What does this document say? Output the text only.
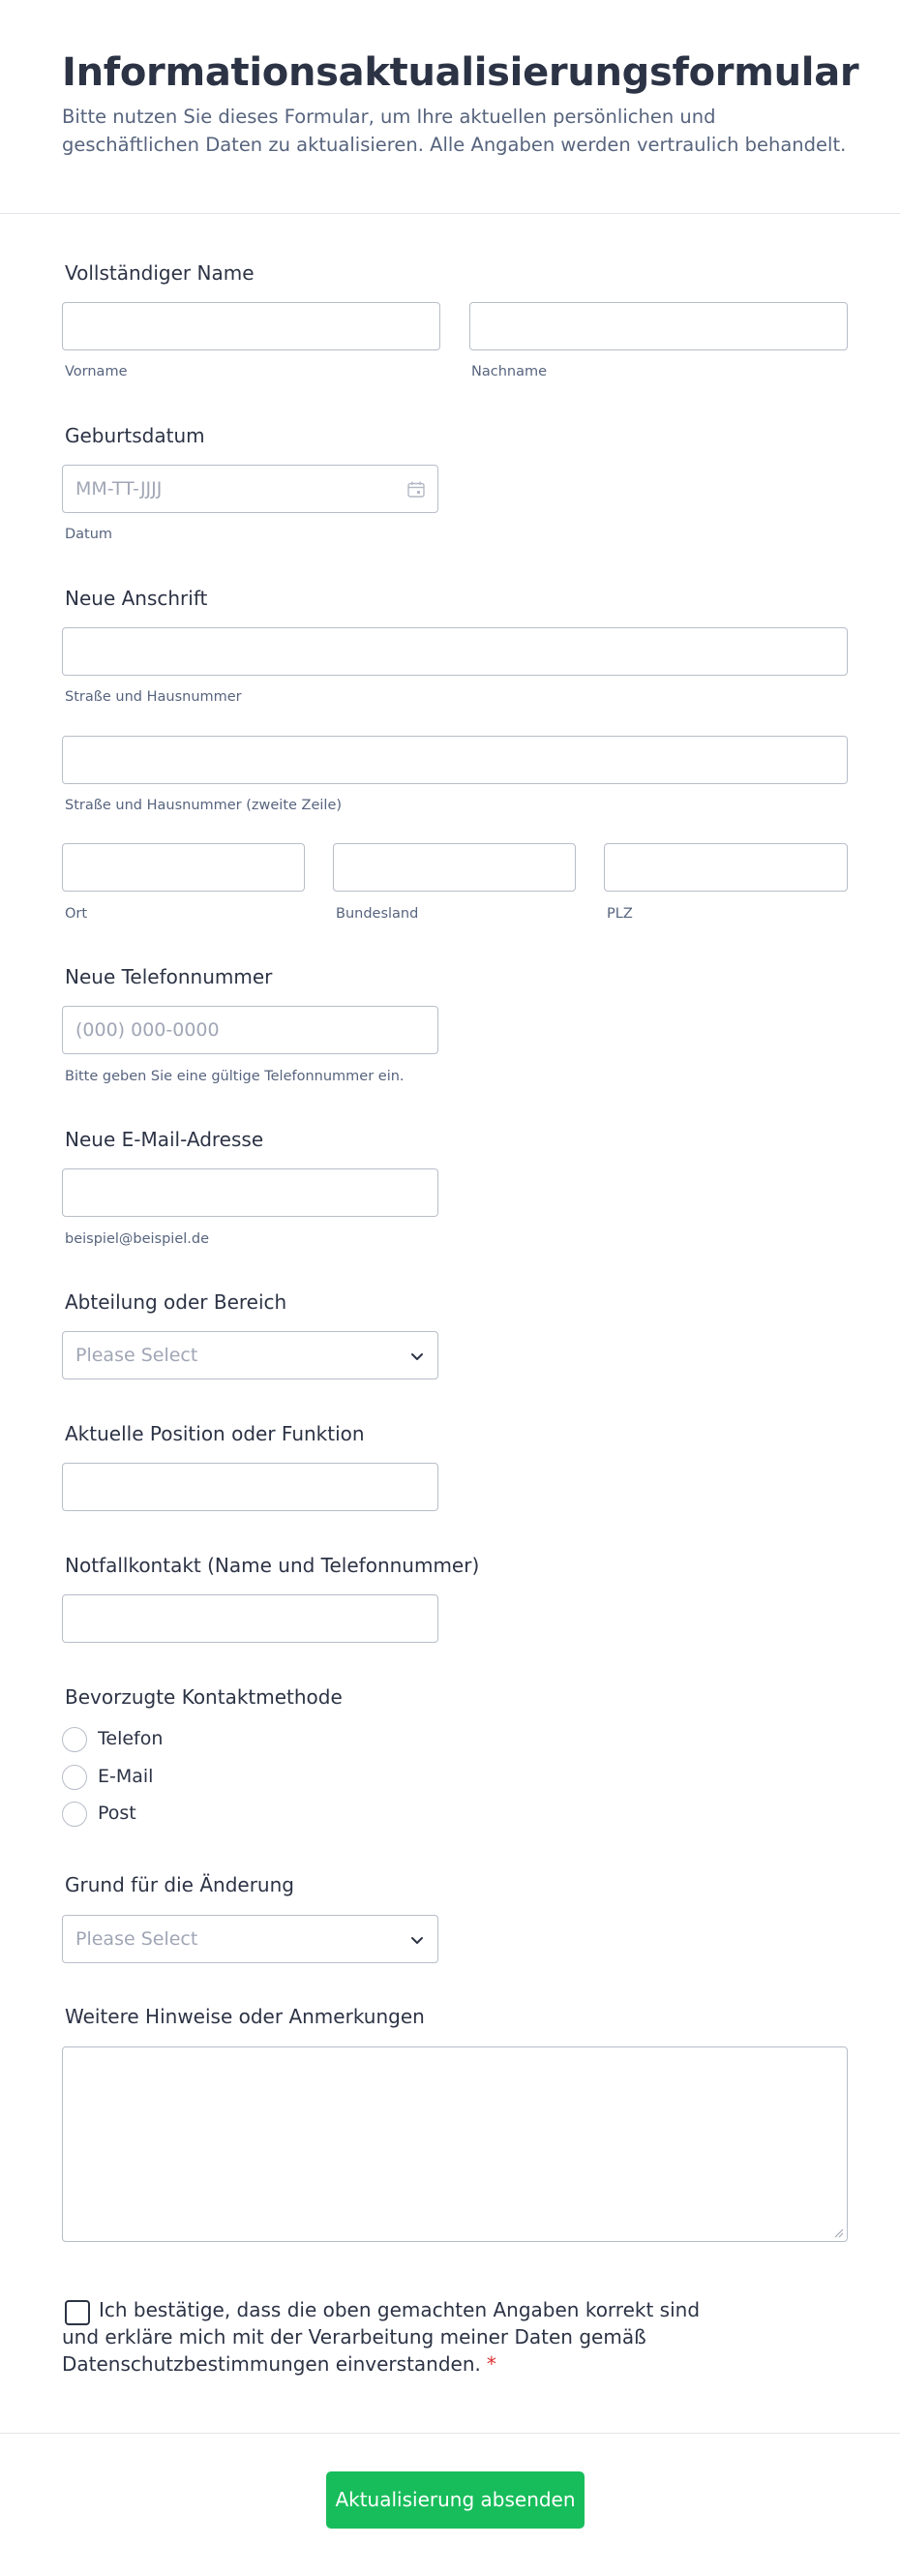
Informationsaktualisierungsformular

Bitte nutzen Sie dieses Formular, um Ihre aktuellen persönlichen und geschäftlichen Daten zu aktualisieren. Alle Angaben werden vertraulich behandelt.

Vollständiger Name
Vorname	Nachname
Geburtsdatum
MM-TT-JJJJ
Datum
Neue Anschrift
Straße und Hausnummer
Straße und Hausnummer (zweite Zeile)
Ort	Bundesland	PLZ
Neue Telefonnummer
(000) 000-0000
Bitte geben Sie eine gültige Telefonnummer ein.
Neue E-Mail-Adresse
beispiel@beispiel.de
Abteilung oder Bereich
Please Select
Aktuelle Position oder Funktion
Notfallkontakt (Name und Telefonnummer)
Bevorzugte Kontaktmethode
Telefon
E-Mail
Post
Grund für die Änderung
Please Select
Weitere Hinweise oder Anmerkungen

Ich bestätige, dass die oben gemachten Angaben korrekt sind und erkläre mich mit der Verarbeitung meiner Daten gemäß Datenschutzbestimmungen einverstanden. *

Aktualisierung absenden
